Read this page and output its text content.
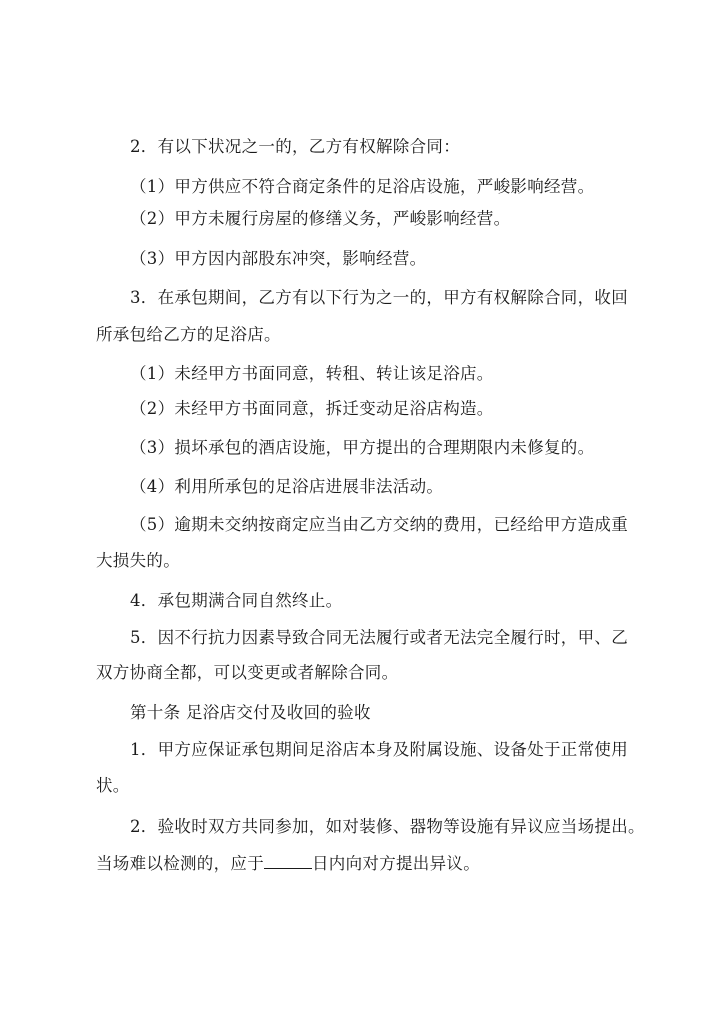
2．有以下状况之一的，乙方有权解除合同：
（1）甲方供应不符合商定条件的足浴店设施，严峻影响经营。
（2）甲方未履行房屋的修缮义务，严峻影响经营。
（3）甲方因内部股东冲突，影响经营。
3．在承包期间，乙方有以下行为之一的，甲方有权解除合同，收回
所承包给乙方的足浴店。
（1）未经甲方书面同意，转租、转让该足浴店。
（2）未经甲方书面同意，拆迁变动足浴店构造。
（3）损坏承包的酒店设施，甲方提出的合理期限内未修复的。
（4）利用所承包的足浴店进展非法活动。
（5）逾期未交纳按商定应当由乙方交纳的费用，已经给甲方造成重
大损失的。
4．承包期满合同自然终止。
5．因不行抗力因素导致合同无法履行或者无法完全履行时，甲、乙
双方协商全都，可以变更或者解除合同。
第十条 足浴店交付及收回的验收
1．甲方应保证承包期间足浴店本身及附属设施、设备处于正常使用
状。
2．验收时双方共同参加，如对装修、器物等设施有异议应当场提出。
当场难以检测的，应于	日内向对方提出异议。
